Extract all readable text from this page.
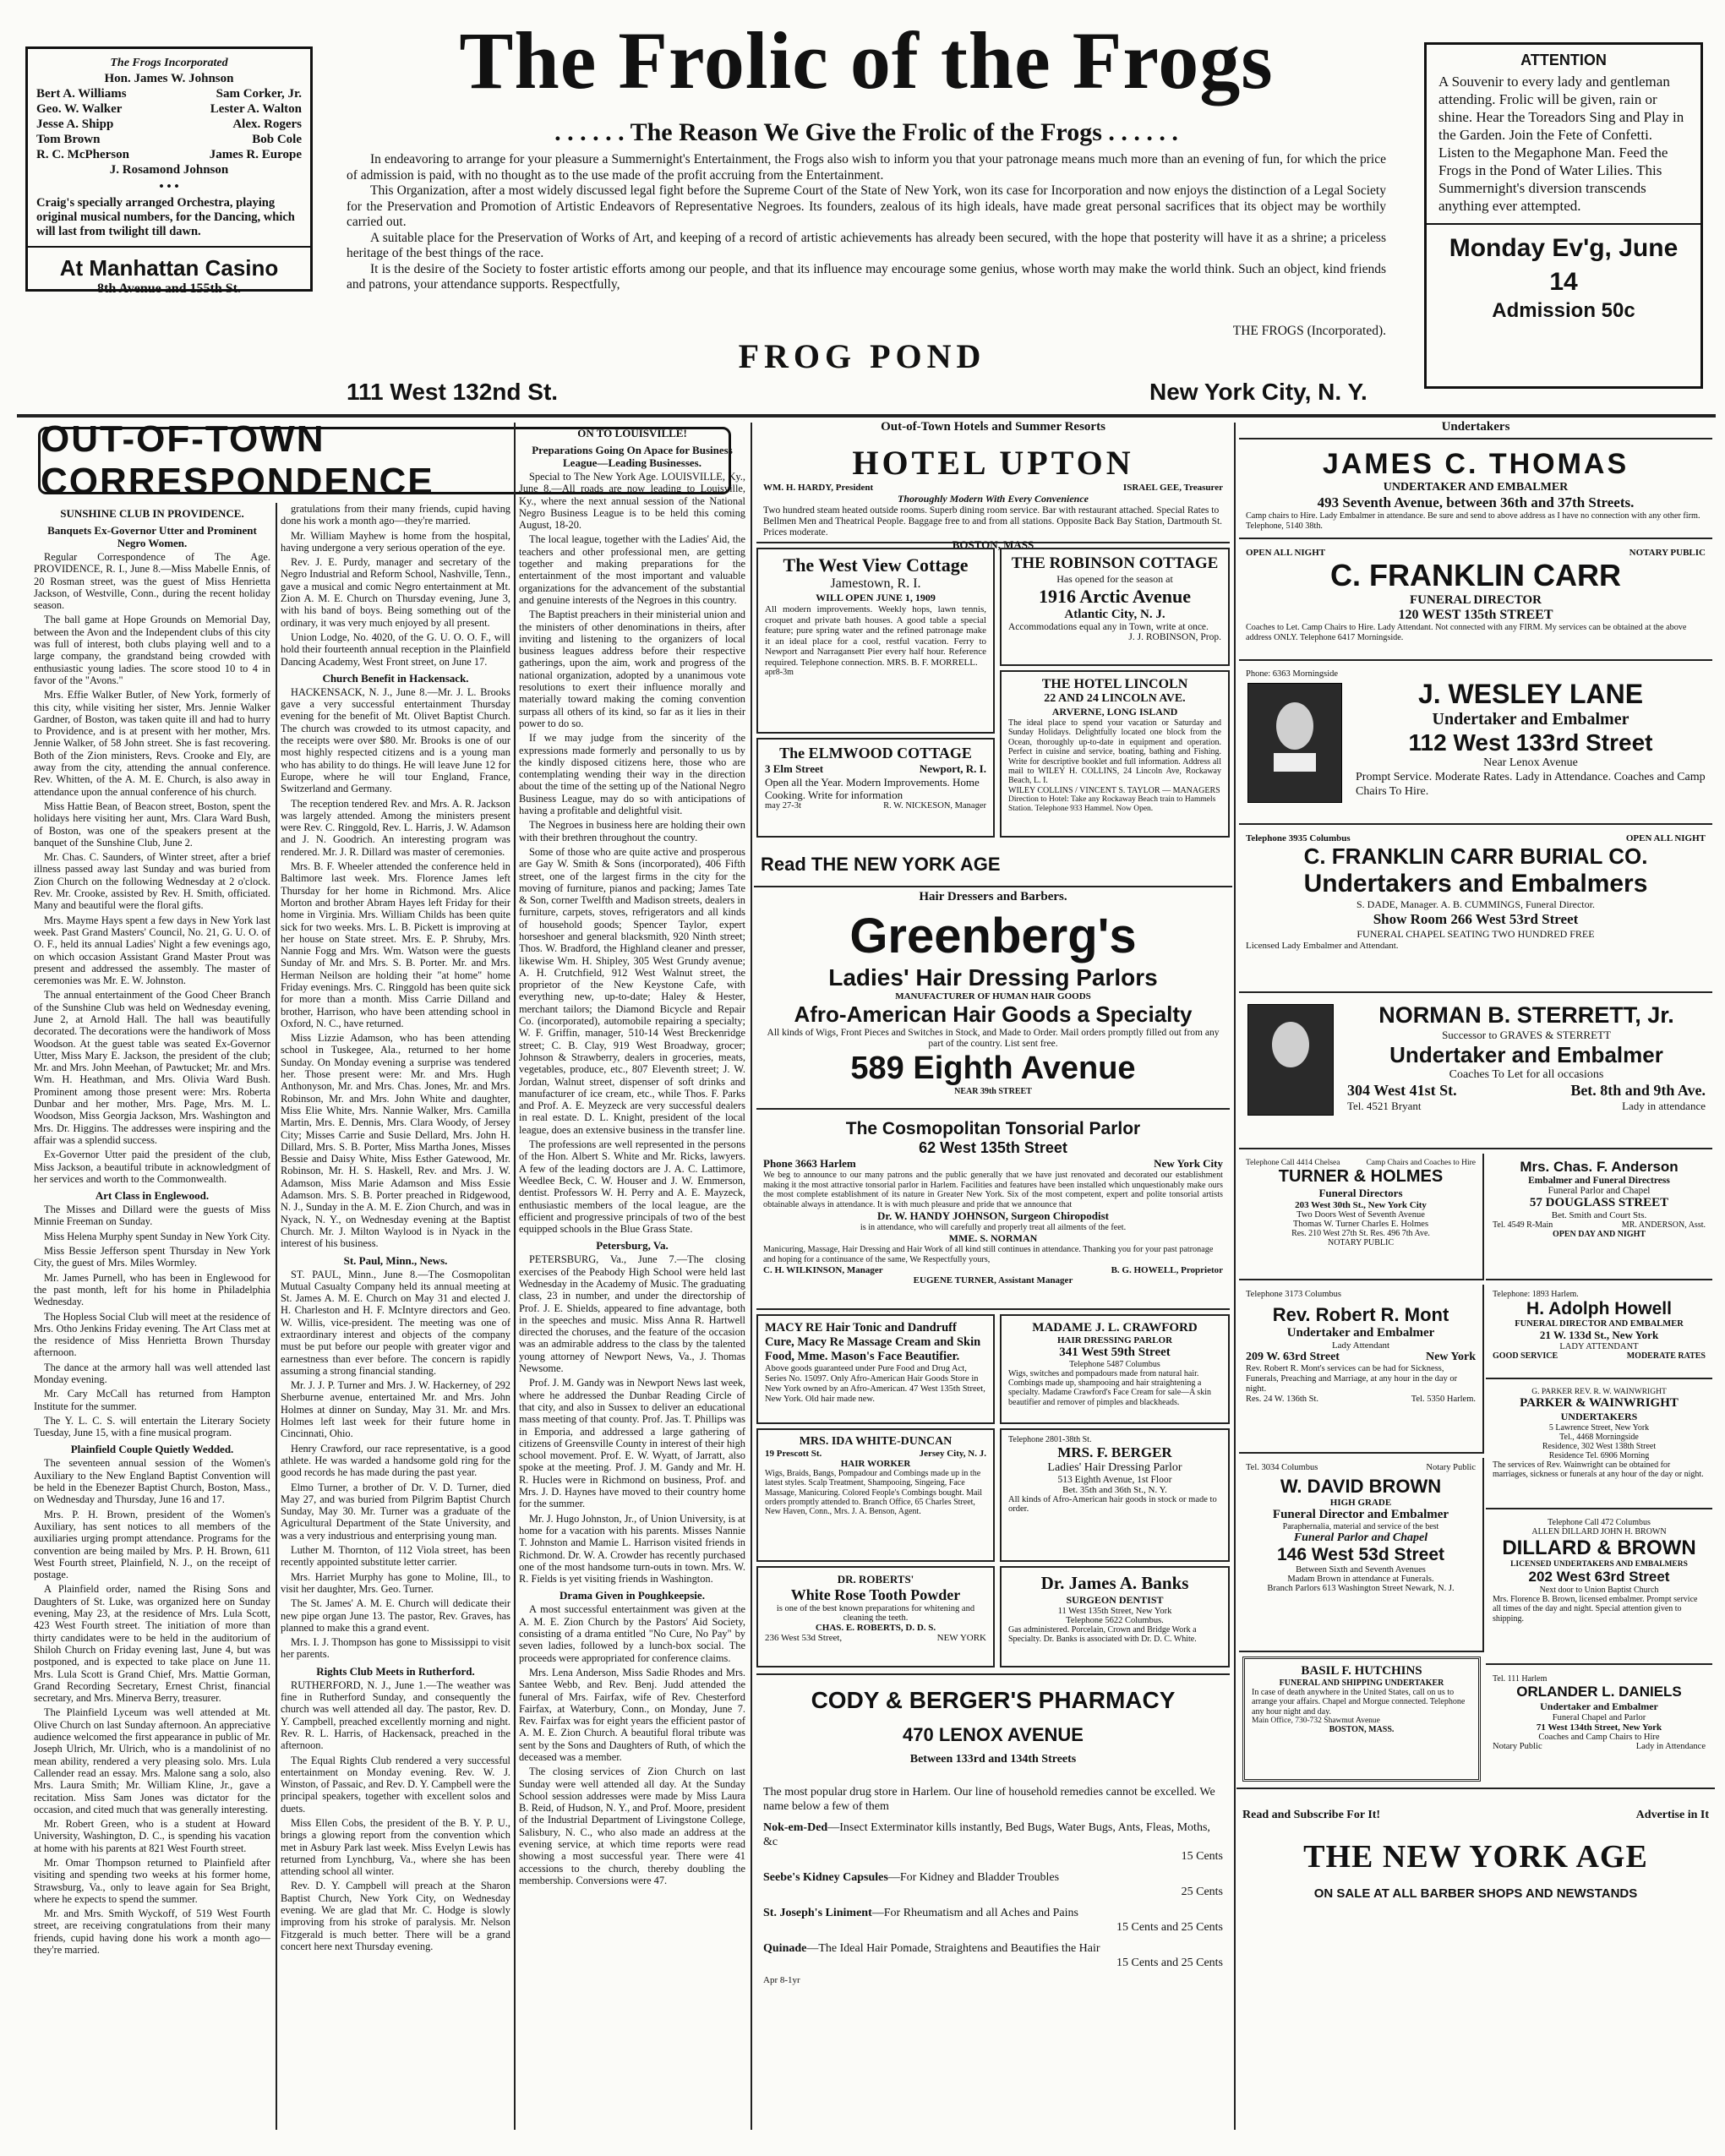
The Frogs Incorporated
Hon. James W. Johnson
Bert A. Williams	Sam Corker, Jr.
Geo. W. Walker	Lester A. Walton
Jesse A. Shipp	Alex. Rogers
Tom Brown	Bob Cole
R. C. McPherson	James R. Europe
J. Rosamond Johnson
• • •
Craig's specially arranged Orchestra, playing original musical numbers, for the Dancing, which will last from twilight till dawn.
At Manhattan Casino
8th Avenue and 155th St.
The Frolic of the Frogs
. . . . . . The Reason We Give the Frolic of the Frogs . . . . . .
In endeavoring to arrange for your pleasure a Summernight's Entertainment, the Frogs also wish to inform you that your patronage means much more than an evening of fun, for which the price of admission is paid, with no thought as to the use made of the profit accruing from the Entertainment.
This Organization, after a most widely discussed legal fight before the Supreme Court of the State of New York, won its case for Incorporation and now enjoys the distinction of a Legal Society for the Preservation and Promotion of Artistic Endeavors of Representative Negroes. Its founders, zealous of its high ideals, have made great personal sacrifices that its object may be worthily carried out.
A suitable place for the Preservation of Works of Art, and keeping of a record of artistic achievements has already been secured, with the hope that posterity will have it as a shrine; a priceless heritage of the best things of the race.
It is the desire of the Society to foster artistic efforts among our people, and that its influence may encourage some genius, whose worth may make the world think. Such an object, kind friends and patrons, your attendance supports. Respectfully,
THE FROGS (Incorporated).
FROG POND
111 West 132nd St.	New York City, N. Y.
ATTENTION
A Souvenir to every lady and gentleman attending. Frolic will be given, rain or shine. Hear the Toreadors Sing and Play in the Garden. Join the Fete of Confetti. Listen to the Megaphone Man. Feed the Frogs in the Pond of Water Lilies. This Summernight's diversion transcends anything ever attempted.
Monday Ev'g, June 14
Admission 50c
OUT-OF-TOWN CORRESPONDENCE
SUNSHINE CLUB IN PROVIDENCE.
Banquets Ex-Governor Utter and Prominent Negro Women.

Regular Correspondence of The Age. PROVIDENCE, R. I., June 8.—Miss Mabelle Ennis, of 20 Rosman street, was the guest of Miss Henrietta Jackson, of Westville, Conn., during the recent holiday season.

The ball game at Hope Grounds on Memorial Day, between the Avon and the Independent clubs of this city was full of interest, both clubs playing well and to a large company, the grandstand being crowded with enthusiastic young ladies. The score stood 10 to 4 in favor of the "Avons."

Mrs. Effie Walker Butler, of New York, formerly of this city, while visiting her sister, Mrs. Jennie Walker Gardner, of Boston, was taken quite ill and had to hurry to Providence, and is at present with her mother, Mrs. Jennie Walker, of 58 John street. She is fast recovering. Both of the Zion ministers, Revs. Crooke and Ely, are away from the city, attending the annual conference. Rev. Whitten, of the A. M. E. Church, is also away in attendance upon the annual conference of his church.

Miss Hattie Bean, of Beacon street, Boston, spent the holidays here visiting her aunt, Mrs. Clara Ward Bush, of Boston, was one of the speakers present at the banquet of the Sunshine Club, June 2.

Mr. Chas. C. Saunders, of Winter street, after a brief illness passed away last Sunday and was buried from Zion Church on the following Wednesday at 2 o'clock. Rev. Mr. Crooke, assisted by Rev. H. Smith, officiated. Many and beautiful were the floral gifts.

Mrs. Mayme Hays spent a few days in New York last week. Past Grand Masters' Council, No. 21, G. U. O. of O. F., held its annual Ladies' Night a few evenings ago, on which occasion Assistant Grand Master Prout was present and addressed the assembly. The master of ceremonies was Mr. E. W. Johnston.

The annual entertainment of the Good Cheer Branch of the Sunshine Club was held on Wednesday evening, June 2, at Arnold Hall. The hall was beautifully decorated. The decorations were the handiwork of Moss Woodson. At the guest table was seated Ex-Governor Utter, Miss Mary E. Jackson, the president of the club; Mr. and Mrs. John Meehan, of Pawtucket; Mr. and Mrs. Wm. H. Heathman, and Mrs. Olivia Ward Bush. Prominent among those present were: Mrs. Roberta Dunbar and her mother, Mrs. Page, Mrs. M. L. Woodson, Miss Georgia Jackson, Mrs. Washington and Mrs. Dr. Higgins. The addresses were inspiring and the affair was a splendid success.

Ex-Governor Utter paid the president of the club, Miss Jackson, a beautiful tribute in acknowledgment of her services and worth to the Commonwealth.

Art Class in Englewood.

The Misses and Dillard were the guests of Miss Minnie Freeman on Sunday.

Miss Helena Murphy spent Sunday in New York City.

Miss Bessie Jefferson spent Thursday in New York City, the guest of Mrs. Miles Wormley.

Mr. James Purnell, who has been in Englewood for the past month, left for his home in Philadelphia Wednesday.

The Hopless Social Club will meet at the residence of Mrs. Otho Jenkins Friday evening. The Art Class met at the residence of Miss Henrietta Brown Thursday afternoon.

The dance at the armory hall was well attended last Monday evening.

Mr. Cary McCall has returned from Hampton Institute for the summer.

The Y. L. C. S. will entertain the Literary Society Tuesday, June 15, with a fine musical program.

Plainfield Couple Quietly Wedded.

The seventeen annual session of the Women's Auxiliary to the New England Baptist Convention will be held in the Ebenezer Baptist Church, Boston, Mass., on Wednesday and Thursday, June 16 and 17.

Mrs. P. H. Brown, president of the Women's Auxiliary, has sent notices to all members of the auxiliaries urging prompt attendance. Programs for the convention are being mailed by Mrs. P. H. Brown, 611 West Fourth street, Plainfield, N. J., on the receipt of postage.

A Plainfield order, named the Rising Sons and Daughters of St. Luke, was organized here on Sunday evening, May 23, at the residence of Mrs. Lula Scott, 423 West Fourth street. The initiation of more than thirty candidates were to be held in the auditorium of Shiloh Church on Friday evening last, June 4, but was postponed, and is expected to take place on June 11. Mrs. Lula Scott is Grand Chief, Mrs. Mattie Gorman, Grand Recording Secretary, Ernest Christ, financial secretary, and Mrs. Minerva Berry, treasurer.

The Plainfield Lyceum was well attended at Mt. Olive Church on last Sunday afternoon. An appreciative audience welcomed the first appearance in public of Mr. Joseph Ulrich, Mr. Ulrich, who is a mandolinist of no mean ability, rendered a very pleasing solo. Mrs. Lula Callender read an essay. Mrs. Malone sang a solo, also Mrs. Laura Smith; Mr. William Kline, Jr., gave a recitation. Miss Sam Jones was dictator for the occasion, and cited much that was generally interesting.

Mr. Robert Green, who is a student at Howard University, Washington, D. C., is spending his vacation at home with his parents at 821 West Fourth street.

Mr. Omar Thompson returned to Plainfield after visiting and spending two weeks at his former home, Strawsburg, Va., only to leave again for Sea Bright, where he expects to spend the summer.

Mr. and Mrs. Smith Wyckoff, of 519 West Fourth street, are receiving congratulations from their many friends, cupid having done his work a month ago—they're married.

gratulations from their many friends, cupid having done his work a month ago—they're married.

Mr. William Mayhew is home from the hospital, having undergone a very serious operation of the eye.

Rev. J. E. Purdy, manager and secretary of the Negro Industrial and Reform School, Nashville, Tenn., gave a musical and comic Negro entertainment at Mt. Zion A. M. E. Church on Thursday evening, June 3, with his band of boys. Being something out of the ordinary, it was very much enjoyed by all present.

Union Lodge, No. 4020, of the G. U. O. O. F., will hold their fourteenth annual reception in the Plainfield Dancing Academy, West Front street, on June 17.

Church Benefit in Hackensack.

HACKENSACK, N. J., June 8.—Mr. J. L. Brooks gave a very successful entertainment Thursday evening for the benefit of Mt. Olivet Baptist Church. The church was crowded to its utmost capacity, and the receipts were over $80. Mr. Brooks is one of our most highly respected citizens and is a young man who has ability to do things. He will leave June 12 for Europe, where he will tour England, France, Switzerland and Germany.

The reception tendered Rev. and Mrs. A. R. Jackson was largely attended. Among the ministers present were Rev. C. Ringgold, Rev. L. Harris, J. W. Adamson and J. N. Goodrich. An interesting program was rendered. Mr. J. R. Dillard was master of ceremonies.

Mrs. B. F. Wheeler attended the conference held in Baltimore last week. Mrs. Florence James left Thursday for her home in Richmond. Mrs. Alice Morton and brother Abram Hayes left Friday for their home in Virginia. Mrs. William Childs has been quite sick for two weeks. Mrs. L. B. Pickett is improving at her house on State street. Mrs. E. P. Shruby, Mrs. Nannie Fogg and Mrs. Wm. Watson were the guests Sunday of Mr. and Mrs. S. B. Porter. Mr. and Mrs. Herman Neilson are holding their "at home" home Friday evenings. Mrs. C. Ringgold has been quite sick for more than a month. Miss Carrie Dilland and brother, Harrison, who have been attending school in Oxford, N. C., have returned.

Miss Lizzie Adamson, who has been attending school in Tuskegee, Ala., returned to her home Sunday. On Monday evening a surprise was tendered her. Those present were: Mr. and Mrs. Hugh Anthonyson, Mr. and Mrs. Chas. Jones, Mr. and Mrs. Robinson, Mr. and Mrs. John White and daughter, Miss Elie White, Mrs. Nannie Walker, Mrs. Camilla Martin, Mrs. E. Dennis, Mrs. Clara Woody, of Jersey City; Misses Carrie and Susie Dellard, Mrs. John H. Dillard, Mrs. S. B. Porter, Miss Martha Jones, Misses Bessie and Daisy White, Miss Esther Gatewood, Mr. Robinson, Mr. H. S. Haskell, Rev. and Mrs. J. W. Adamson, Miss Marie Adamson and Miss Essie Adamson. Mrs. S. B. Porter preached in Ridgewood, N. J., Sunday in the A. M. E. Zion Church, and was in Nyack, N. Y., on Wednesday evening at the Baptist Church. Mr. J. Milton Waylood is in Nyack in the interest of his business.

St. Paul, Minn., News.

ST. PAUL, Minn., June 8.—The Cosmopolitan Mutual Casualty Company held its annual meeting at St. James A. M. E. Church on May 31 and elected J. H. Charleston and H. F. McIntyre directors and Geo. W. Willis, vice-president. The meeting was one of extraordinary interest and objects of the company must be put before our people with greater vigor and earnestness than ever before. The concern is rapidly assuming a strong financial standing.

Mr. J. J. P. Turner and Mrs. J. W. Hackerney, of 292 Sherburne avenue, entertained Mr. and Mrs. John Holmes at dinner on Sunday, May 31. Mr. and Mrs. Holmes left last week for their future home in Cincinnati, Ohio.

Henry Crawford, our race representative, is a good athlete. He was warded a handsome gold ring for the good records he has made during the past year.

Elmo Turner, a brother of Dr. V. D. Turner, died May 27, and was buried from Pilgrim Baptist Church Sunday, May 30. Mr. Turner was a graduate of the Agricultural Department of the State University, and was a very industrious and enterprising young man.

Luther M. Thornton, of 112 Viola street, has been recently appointed substitute letter carrier.

Mrs. Harriet Murphy has gone to Moline, Ill., to visit her daughter, Mrs. Geo. Turner.

The St. James' A. M. E. Church will dedicate their new pipe organ June 13. The pastor, Rev. Graves, has planned to make this a grand event.

Mrs. I. J. Thompson has gone to Mississippi to visit her parents.

Rights Club Meets in Rutherford.

RUTHERFORD, N. J., June 1.—The weather was fine in Rutherford Sunday, and consequently the church was well attended all day. The pastor, Rev. D. Y. Campbell, preached excellently morning and night. Rev. R. L. Harris, of Hackensack, preached in the afternoon.

The Equal Rights Club rendered a very successful entertainment on Monday evening. Rev. W. J. Winston, of Passaic, and Rev. D. Y. Campbell were the principal speakers, together with excellent solos and duets.

Miss Ellen Cobs, the president of the B. Y. P. U., brings a glowing report from the convention which met in Asbury Park last week. Miss Evelyn Lewis has returned from Lynchburg, Va., where she has been attending school all winter.

Rev. D. Y. Campbell will preach at the Sharon Baptist Church, New York City, on Wednesday evening. We are glad that Mr. C. Hodge is slowly improving from his stroke of paralysis. Mr. Nelson Fitzgerald is much better. There will be a grand concert here next Thursday evening.

ON TO LOUISVILLE!
Preparations Going On Apace for Business League—Leading Businesses.

Special to The New York Age. LOUISVILLE, Ky., June 8.—All roads are now leading to Louisville, Ky., where the next annual session of the National Negro Business League is to be held this coming August, 18-20.

The local league, together with the Ladies' Aid, the teachers and other professional men, are getting together and making preparations for the entertainment of the most important and valuable organizations for the advancement of the substantial and genuine interests of the Negroes in this country.

The Baptist preachers in their ministerial union and the ministers of other denominations in theirs, after inviting and listening to the organizers of local business leagues address before their respective gatherings, upon the aim, work and progress of the national organization, adopted by a unanimous vote resolutions to exert their influence morally and materially toward making the coming convention surpass all others of its kind, so far as it lies in their power to do so.

If we may judge from the sincerity of the expressions made formerly and personally to us by the kindly disposed citizens here, those who are contemplating wending their way in the direction about the time of the setting up of the National Negro Business League, may do so with anticipations of having a profitable and delightful visit.

The Negroes in business here are holding their own with their brethren throughout the country.

Some of those who are quite active and prosperous are Gay W. Smith & Sons (incorporated), 406 Fifth street, one of the largest firms in the city for the moving of furniture, pianos and packing; James Tate & Son, corner Twelfth and Madison streets, dealers in furniture, carpets, stoves, refrigerators and all kinds of household goods; Spencer Taylor, expert horseshoer and general blacksmith, 920 Ninth street; Thos. W. Bradford, the Highland cleaner and presser, likewise Wm. H. Shipley, 305 West Grundy avenue; A. H. Crutchfield, 912 West Walnut street, the proprietor of the New Keystone Cafe, with everything new, up-to-date; Haley & Hester, merchant tailors; the Diamond Bicycle and Repair Co. (incorporated), automobile repairing a specialty; W. F. Griffin, manager, 510-14 West Breckenridge street; C. B. Clay, 919 West Broadway, grocer; Johnson & Strawberry, dealers in groceries, meats, vegetables, produce, etc., 807 Eleventh street; J. W. Jordan, Walnut street, dispenser of soft drinks and manufacturer of ice cream, etc., while Thos. F. Parks and Prof. A. E. Meyzeck are very successful dealers in real estate. D. L. Knight, president of the local league, does an extensive business in the transfer line.

The professions are well represented in the persons of the Hon. Albert S. White and Mr. Ricks, lawyers. A few of the leading doctors are J. A. C. Lattimore, Weedlee Beck, C. W. Houser and J. W. Emmerson, dentist. Professors W. H. Perry and A. E. Mayzeck, enthusiastic members of the local league, are the efficient and progressive principals of two of the best equipped schools in the Blue Grass State.

Petersburg, Va.

PETERSBURG, Va., June 7.—The closing exercises of the Peabody High School were held last Wednesday in the Academy of Music. The graduating class, 23 in number, and under the directorship of Prof. J. E. Shields, appeared to fine advantage, both in the speeches and music. Miss Anna R. Hartwell directed the choruses, and the feature of the occasion was an admirable address to the class by the talented young attorney of Newport News, Va., J. Thomas Newsome.

Prof. J. M. Gandy was in Newport News last week, where he addressed the Dunbar Reading Circle of that city, and also in Sussex to deliver an educational mass meeting of that county. Prof. Jas. T. Phillips was in Emporia, and addressed a large gathering of citizens of Greensville County in interest of their high school movement. Prof. E. W. Wyatt, of Jarratt, also spoke at the meeting. Prof. J. M. Gandy and Mr. H. R. Hucles were in Richmond on business, Prof. and Mrs. J. D. Haynes have moved to their country home for the summer.

Mr. J. Hugo Johnston, Jr., of Union University, is at home for a vacation with his parents. Misses Nannie T. Johnston and Mamie L. Harrison visited friends in Richmond. Dr. W. A. Crowder has recently purchased one of the most handsome turn-outs in town. Mrs. W. R. Fields is yet visiting friends in Washington.

Drama Given in Poughkeepsie.

A most successful entertainment was given at the A. M. E. Zion Church by the Pastors' Aid Society, consisting of a drama entitled "No Cure, No Pay" by seven ladies, followed by a lunch-box social. The proceeds were appropriated for conference claims.

Mrs. Lena Anderson, Miss Sadie Rhodes and Mrs. Santee Webb, and Rev. Benj. Judd attended the funeral of Mrs. Fairfax, wife of Rev. Chesterford Fairfax, at Waterbury, Conn., on Monday, June 7. Rev. Fairfax was for eight years the efficient pastor of A. M. E. Zion Church. A beautiful floral tribute was sent by the Sons and Daughters of Ruth, of which the deceased was a member.

The closing services of Zion Church on last Sunday were well attended all day. At the Sunday School session addresses were made by Miss Laura B. Reid, of Hudson, N. Y., and Prof. Moore, president of the Industrial Department of Livingstone College, Salisbury, N. C., who also made an address at the evening service, at which time reports were read showing a most successful year. There were 41 accessions to the church, thereby doubling the membership. Conversions were 47.

Out-of-Town Hotels and Summer Resorts
HOTEL UPTON
WM. H. HARDY, President	ISRAEL GEE, Treasurer
Thoroughly Modern With Every Convenience
Two hundred steam heated outside rooms. Superb dining room service. Bar with restaurant attached. Special Rates to Bellmen Men and Theatrical People. Baggage free to and from all stations. Opposite Back Bay Station, Dartmouth St. Prices moderate.
BOSTON, MASS
The West View Cottage
Jamestown, R. I.
WILL OPEN JUNE 1, 1909
All modern improvements. Weekly hops, lawn tennis, croquet and private bath houses. A good table a special feature; pure spring water and the refined patronage make it an ideal place for a cool, restful vacation. Ferry to Newport and Narragansett Pier every half hour. Reference required. Telephone connection. MRS. B. F. MORRELL.
apr8-3m
The ELMWOOD COTTAGE
3 Elm Street	Newport, R. I.
Open all the Year. Modern Improvements. Home Cooking. Write for information
may 27-3t	R. W. NICKESON, Manager
THE ROBINSON COTTAGE
Has opened for the season at
1916 Arctic Avenue
Atlantic City, N. J.
Accommodations equal any in Town, write at once.
J. J. ROBINSON, Prop.
THE HOTEL LINCOLN
22 AND 24 LINCOLN AVE.
ARVERNE, LONG ISLAND
The ideal place to spend your vacation or Saturday and Sunday Holidays. Delightfully located one block from the Ocean, thoroughly up-to-date in equipment and operation. Perfect in cuisine and service, boating, bathing and Fishing. Write for descriptive booklet and full information. Address all mail to WILEY H. COLLINS, 24 Lincoln Ave, Rockaway Beach, L. I.
WILEY COLLINS / VINCENT S. TAYLOR — MANAGERS
Direction to Hotel: Take any Rockaway Beach train to Hammels Station. Telephone 933 Hammel. Now Open.
Read THE NEW YORK AGE
Hair Dressers and Barbers.
Greenberg's
Ladies' Hair Dressing Parlors
MANUFACTURER OF HUMAN HAIR GOODS
Afro-American Hair Goods a Specialty
All kinds of Wigs, Front Pieces and Switches in Stock, and Made to Order. Mail orders promptly filled out from any part of the country. List sent free.
589 Eighth Avenue
NEAR 39th STREET
The Cosmopolitan Tonsorial Parlor
62 West 135th Street
Phone 3663 Harlem	New York City
We beg to announce to our many patrons and the public generally that we have just renovated and decorated our establishment making it the most attractive tonsorial parlor in Harlem. Facilities and features have been installed which unquestionably make ours the most complete establishment of its nature in Greater New York. Six of the most competent, expert and polite tonsorial artists obtainable always in attendance. It is with much pleasure and pride that we announce that
Dr. W. HANDY JOHNSON, Surgeon Chiropodist
is in attendance, who will carefully and properly treat all ailments of the feet.
MME. S. NORMAN
Manicuring, Massage, Hair Dressing and Hair Work of all kind still continues in attendance. Thanking you for your past patronage and hoping for a continuance of the same, We Respectfully yours,
C. H. WILKINSON, Manager	B. G. HOWELL, Proprietor
EUGENE TURNER, Assistant Manager
MACY RE Hair Tonic and Dandruff Cure, Macy Re Massage Cream and Skin Food, Mme. Mason's Face Beautifier.
Above goods guaranteed under Pure Food and Drug Act, Series No. 15097. Only Afro-American Hair Goods Store in New York owned by an Afro-American. 47 West 135th Street, New York. Old hair made new.
MADAME J. L. CRAWFORD
HAIR DRESSING PARLOR
341 West 59th Street
Telephone 5487 Columbus
Wigs, switches and pompadours made from natural hair. Combings made up, shampooing and hair straightening a specialty. Madame Crawford's Face Cream for sale—A skin beautifier and remover of pimples and blackheads.
MRS. IDA WHITE-DUNCAN
19 Prescott St.	Jersey City, N. J.
HAIR WORKER
Wigs, Braids, Bangs, Pompadour and Combings made up in the latest styles. Scalp Treatment, Shampooing, Singeing, Face Massage, Manicuring. Colored Feople's Combings bought. Mail orders promptly attended to. Branch Office, 65 Charles Street, New Haven, Conn., Mrs. J. A. Benson, Agent.
Telephone 2801-38th St.
MRS. F. BERGER
Ladies' Hair Dressing Parlor
513 Eighth Avenue, 1st Floor
Bet. 35th and 36th St., N. Y.
All kinds of Afro-American hair goods in stock or made to order.
DR. ROBERTS'
White Rose Tooth Powder
is one of the best known preparations for whitening and cleaning the teeth.
CHAS. E. ROBERTS, D. D. S.
236 West 53d Street,	NEW YORK
Dr. James A. Banks
SURGEON DENTIST
11 West 135th Street, New York
Telephone 5622 Columbus.
Gas administered. Porcelain, Crown and Bridge Work a Specialty. Dr. Banks is associated with Dr. D. C. White.
CODY & BERGER'S PHARMACY
470 LENOX AVENUE
Between 133rd and 134th Streets
The most popular drug store in Harlem. Our line of household remedies cannot be excelled. We name below a few of them
Nok-em-Ded—Insect Exterminator kills instantly, Bed Bugs, Water Bugs, Ants, Fleas, Moths, &c
15 Cents
Seebe's Kidney Capsules—For Kidney and Bladder Troubles
25 Cents
St. Joseph's Liniment—For Rheumatism and all Aches and Pains
15 Cents and 25 Cents
Quinade—The Ideal Hair Pomade, Straightens and Beautifies the Hair
15 Cents and 25 Cents
Apr 8-1yr
Undertakers
JAMES C. THOMAS
UNDERTAKER AND EMBALMER
493 Seventh Avenue, between 36th and 37th Streets.
Camp chairs to Hire. Lady Embalmer in attendance. Be sure and send to above address as I have no connection with any other firm. Telephone, 5140 38th.
OPEN ALL NIGHT	NOTARY PUBLIC
C. FRANKLIN CARR
FUNERAL DIRECTOR
120 WEST 135th STREET
Coaches to Let. Camp Chairs to Hire. Lady Attendant. Not connected with any FIRM. My services can be obtained at the above address ONLY. Telephone 6417 Morningside.
Phone: 6363 Morningside
J. WESLEY LANE
Undertaker and Embalmer
112 West 133rd Street
Near Lenox Avenue
Prompt Service. Moderate Rates. Lady in Attendance. Coaches and Camp Chairs To Hire.
Telephone 3935 Columbus	OPEN ALL NIGHT
C. FRANKLIN CARR BURIAL CO.
Undertakers and Embalmers
S. DADE, Manager. A. B. CUMMINGS, Funeral Director.
Show Room 266 West 53rd Street
FUNERAL CHAPEL SEATING TWO HUNDRED FREE
Licensed Lady Embalmer and Attendant.
NORMAN B. STERRETT, Jr.
Successor to GRAVES & STERRETT
Undertaker and Embalmer
Coaches To Let for all occasions
304 West 41st St.	Bet. 8th and 9th Ave.
Tel. 4521 Bryant	Lady in attendance
Telephone Call 4414 Chelsea	Camp Chairs and Coaches to Hire
TURNER & HOLMES
Funeral Directors
203 West 30th St., New York City
Two Doors West of Seventh Avenue
Thomas W. Turner Charles E. Holmes
Res. 210 West 27th St. Res. 496 7th Ave.
NOTARY PUBLIC
Mrs. Chas. F. Anderson
Embalmer and Funeral Directress
Funeral Parlor and Chapel
57 DOUGLASS STREET
Bet. Smith and Court Sts.
Tel. 4549 R-Main	MR. ANDERSON, Asst.
OPEN DAY AND NIGHT
Telephone 3173 Columbus
Rev. Robert R. Mont
Undertaker and Embalmer
Lady Attendant
209 W. 63rd Street	New York
Rev. Robert R. Mont's services can be had for Sickness, Funerals, Preaching and Marriage, at any hour in the day or night.
Res. 24 W. 136th St.	Tel. 5350 Harlem.
Telephone: 1893 Harlem.
H. Adolph Howell
FUNERAL DIRECTOR AND EMBALMER
21 W. 133d St., New York
LADY ATTENDANT
GOOD SERVICE	MODERATE RATES
G. PARKER REV. R. W. WAINWRIGHT
PARKER & WAINWRIGHT
UNDERTAKERS
5 Lawrence Street, New York
Tel., 4468 Morningside
Residence, 302 West 138th Street
Residence Tel. 6906 Morning
The services of Rev. Wainwright can be obtained for marriages, sickness or funerals at any hour of the day or night.
Tel. 3034 Columbus	Notary Public
W. DAVID BROWN
HIGH GRADE
Funeral Director and Embalmer
Paraphernalia, material and service of the best
Funeral Parlor and Chapel
146 West 53d Street
Between Sixth and Seventh Avenues
Madam Brown in attendance at Funerals.
Branch Parlors 613 Washington Street Newark, N. J.
Telephone Call 472 Columbus
ALLEN DILLARD JOHN H. BROWN
DILLARD & BROWN
LICENSED UNDERTAKERS AND EMBALMERS
202 West 63rd Street
Next door to Union Baptist Church
Mrs. Florence B. Brown, licensed embalmer. Prompt service all times of the day and night. Special attention given to shipping.
BASIL F. HUTCHINS
FUNERAL AND SHIPPING UNDERTAKER
In case of death anywhere in the United States, call on us to arrange your affairs. Chapel and Morgue connected. Telephone any hour night and day.
Main Office, 730-732 Shawmut Avenue
BOSTON, MASS.
Tel. 111 Harlem
ORLANDER L. DANIELS
Undertaker and Embalmer
Funeral Chapel and Parlor
71 West 134th Street, New York
Coaches and Camp Chairs to Hire
Notary Public	Lady in Attendance
Read and Subscribe For It!	Advertise in It
THE NEW YORK AGE
ON SALE AT ALL BARBER SHOPS AND NEWSTANDS
